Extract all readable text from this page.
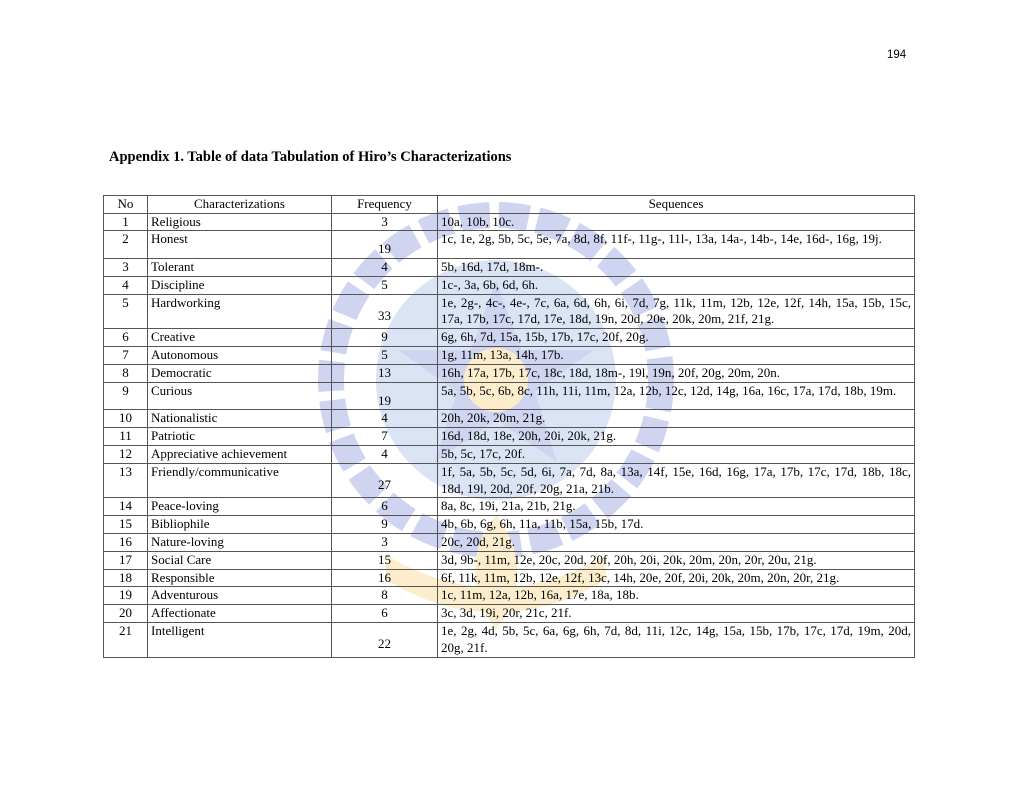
194
Appendix 1. Table of data Tabulation of Hiro’s Characterizations
No	Characterizations	Frequency	Sequences
1	Religious	3	10a, 10b, 10c.
2	Honest	19	1c, 1e, 2g, 5b, 5c, 5e, 7a, 8d, 8f, 11f-, 11g-, 11l-, 13a, 14a-, 14b-, 14e, 16d-, 16g, 19j.
3	Tolerant	4	5b, 16d, 17d, 18m-.
4	Discipline	5	1c-, 3a, 6b, 6d, 6h.
5	Hardworking	33	1e, 2g-, 4c-, 4e-, 7c, 6a, 6d, 6h, 6i, 7d, 7g, 11k, 11m, 12b, 12e, 12f, 14h, 15a, 15b, 15c, 17a, 17b, 17c, 17d, 17e, 18d, 19n, 20d, 20e, 20k, 20m, 21f, 21g.
6	Creative	9	6g, 6h, 7d, 15a, 15b, 17b, 17c, 20f, 20g.
7	Autonomous	5	1g, 11m, 13a, 14h, 17b.
8	Democratic	13	16h, 17a, 17b, 17c, 18c, 18d, 18m-, 19l, 19n, 20f, 20g, 20m, 20n.
9	Curious	19	5a, 5b, 5c, 6b, 8c, 11h, 11i, 11m, 12a, 12b, 12c, 12d, 14g, 16a, 16c, 17a, 17d, 18b, 19m.
10	Nationalistic	4	20h, 20k, 20m, 21g.
11	Patriotic	7	16d, 18d, 18e, 20h, 20i, 20k, 21g.
12	Appreciative achievement	4	5b, 5c, 17c, 20f.
13	Friendly/communicative	27	1f, 5a, 5b, 5c, 5d, 6i, 7a, 7d, 8a, 13a, 14f, 15e, 16d, 16g, 17a, 17b, 17c, 17d, 18b, 18c, 18d, 19l, 20d, 20f, 20g, 21a, 21b.
14	Peace-loving	6	8a, 8c, 19i, 21a, 21b, 21g.
15	Bibliophile	9	4b, 6b, 6g, 6h, 11a, 11b, 15a, 15b, 17d.
16	Nature-loving	3	20c, 20d, 21g.
17	Social Care	15	3d, 9b-, 11m, 12e, 20c, 20d, 20f, 20h, 20i, 20k, 20m, 20n, 20r, 20u, 21g.
18	Responsible	16	6f, 11k, 11m, 12b, 12e, 12f, 13c, 14h, 20e, 20f, 20i, 20k, 20m, 20n, 20r, 21g.
19	Adventurous	8	1c, 11m, 12a, 12b, 16a, 17e, 18a, 18b.
20	Affectionate	6	3c, 3d, 19i, 20r, 21c, 21f.
21	Intelligent	22	1e, 2g, 4d, 5b, 5c, 6a, 6g, 6h, 7d, 8d, 11i, 12c, 14g, 15a, 15b, 17b, 17c, 17d, 19m, 20d, 20g, 21f.
